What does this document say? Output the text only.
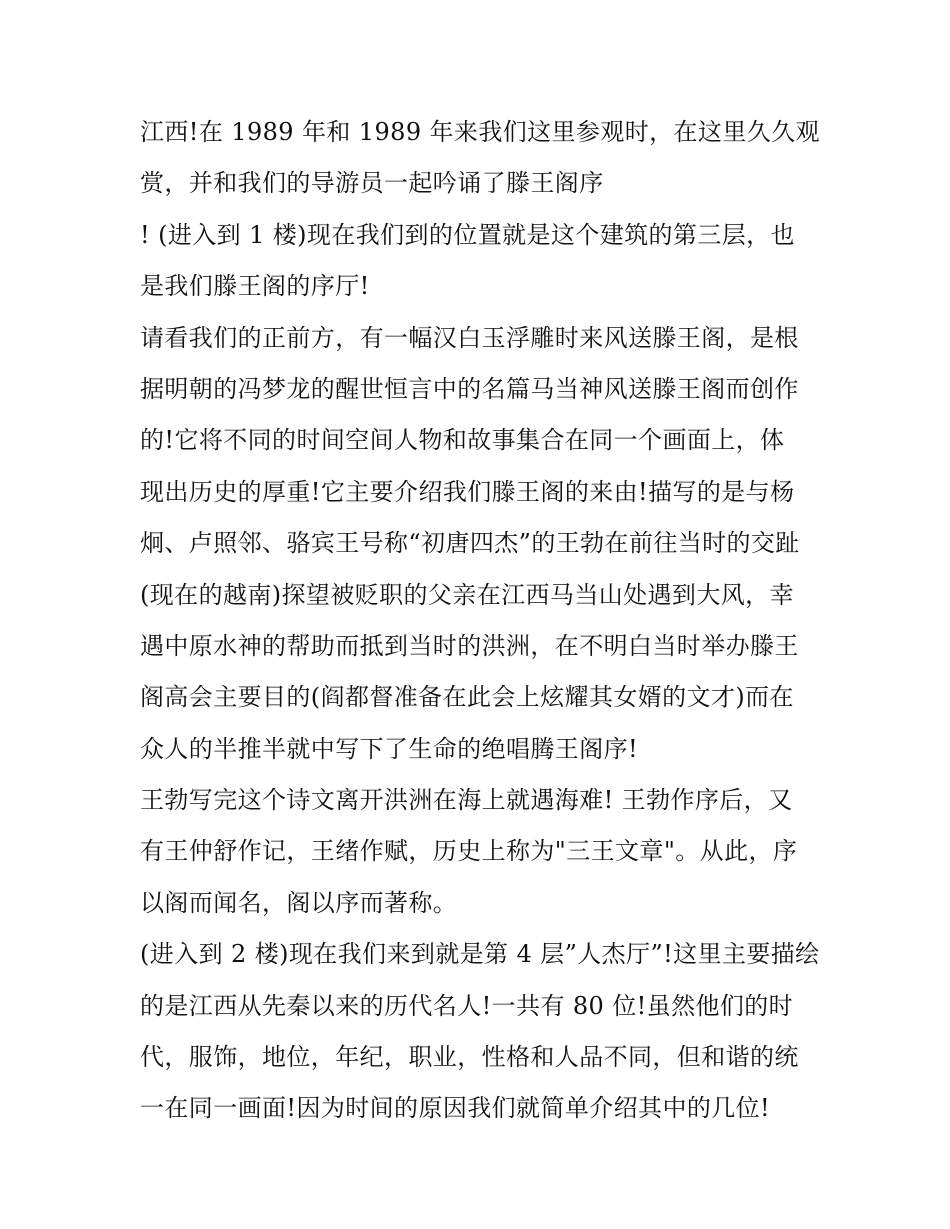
江西!在 1989 年和 1989 年来我们这里参观时，在这里久久观
赏，并和我们的导游员一起吟诵了滕王阁序
! (进入到 1 楼)现在我们到的位置就是这个建筑的第三层，也
是我们滕王阁的序厅!
请看我们的正前方，有一幅汉白玉浮雕时来风送滕王阁，是根
据明朝的冯梦龙的醒世恒言中的名篇马当神风送滕王阁而创作
的!它将不同的时间空间人物和故事集合在同一个画面上，体
现出历史的厚重!它主要介绍我们滕王阁的来由!描写的是与杨
炯、卢照邻、骆宾王号称“初唐四杰”的王勃在前往当时的交趾
(现在的越南)探望被贬职的父亲在江西马当山处遇到大风，幸
遇中原水神的帮助而抵到当时的洪洲，在不明白当时举办滕王
阁高会主要目的(阎都督准备在此会上炫耀其女婿的文才)而在
众人的半推半就中写下了生命的绝唱腾王阁序!
王勃写完这个诗文离开洪洲在海上就遇海难! 王勃作序后，又
有王仲舒作记，王绪作赋，历史上称为"三王文章"。从此，序
以阁而闻名，阁以序而著称。
(进入到 2 楼)现在我们来到就是第 4 层”人杰厅”!这里主要描绘
的是江西从先秦以来的历代名人!一共有 80 位!虽然他们的时
代，服饰，地位，年纪，职业，性格和人品不同，但和谐的统
一在同一画面!因为时间的原因我们就简单介绍其中的几位!
